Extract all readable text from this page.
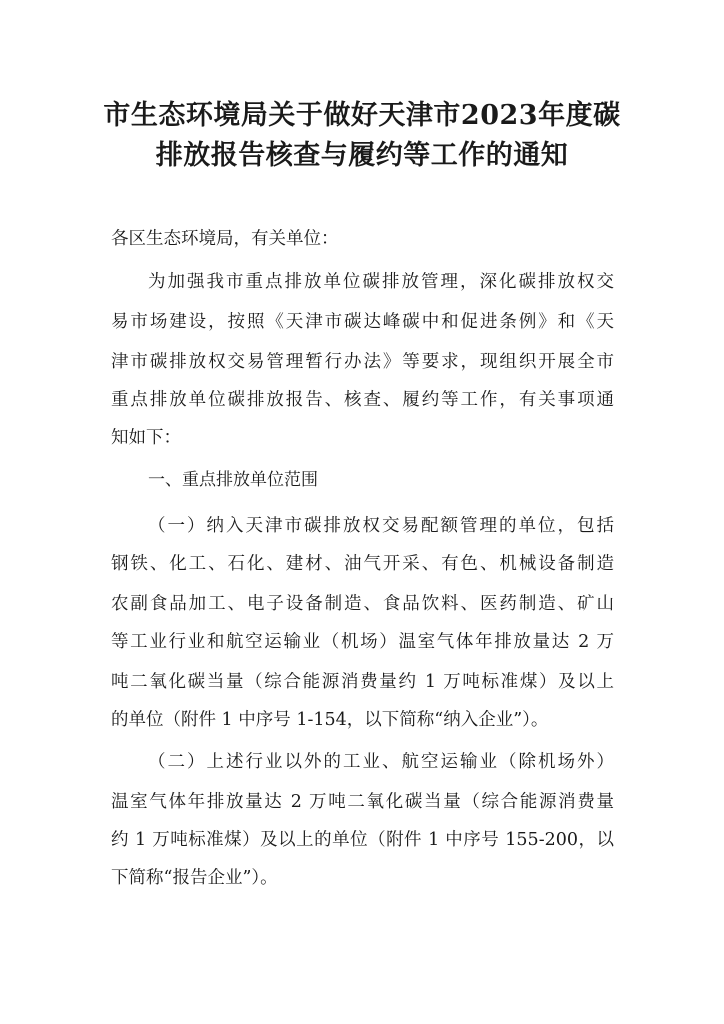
市生态环境局关于做好天津市2023年度碳
排放报告核查与履约等工作的通知
各区生态环境局，有关单位：
为加强我市重点排放单位碳排放管理，深化碳排放权交
易市场建设，按照《天津市碳达峰碳中和促进条例》和《天
津市碳排放权交易管理暂行办法》等要求，现组织开展全市
重点排放单位碳排放报告、核查、履约等工作，有关事项通
知如下：
一、重点排放单位范围
（一）纳入天津市碳排放权交易配额管理的单位，包括
钢铁、化工、石化、建材、油气开采、有色、机械设备制造
农副食品加工、电子设备制造、食品饮料、医药制造、矿山
等工业行业和航空运输业（机场）温室气体年排放量达 2 万
吨二氧化碳当量（综合能源消费量约 1 万吨标准煤）及以上
的单位（附件 1 中序号 1-154，以下简称“纳入企业”）。
（二）上述行业以外的工业、航空运输业（除机场外）
温室气体年排放量达 2 万吨二氧化碳当量（综合能源消费量
约 1 万吨标准煤）及以上的单位（附件 1 中序号 155-200，以
下简称“报告企业”）。
